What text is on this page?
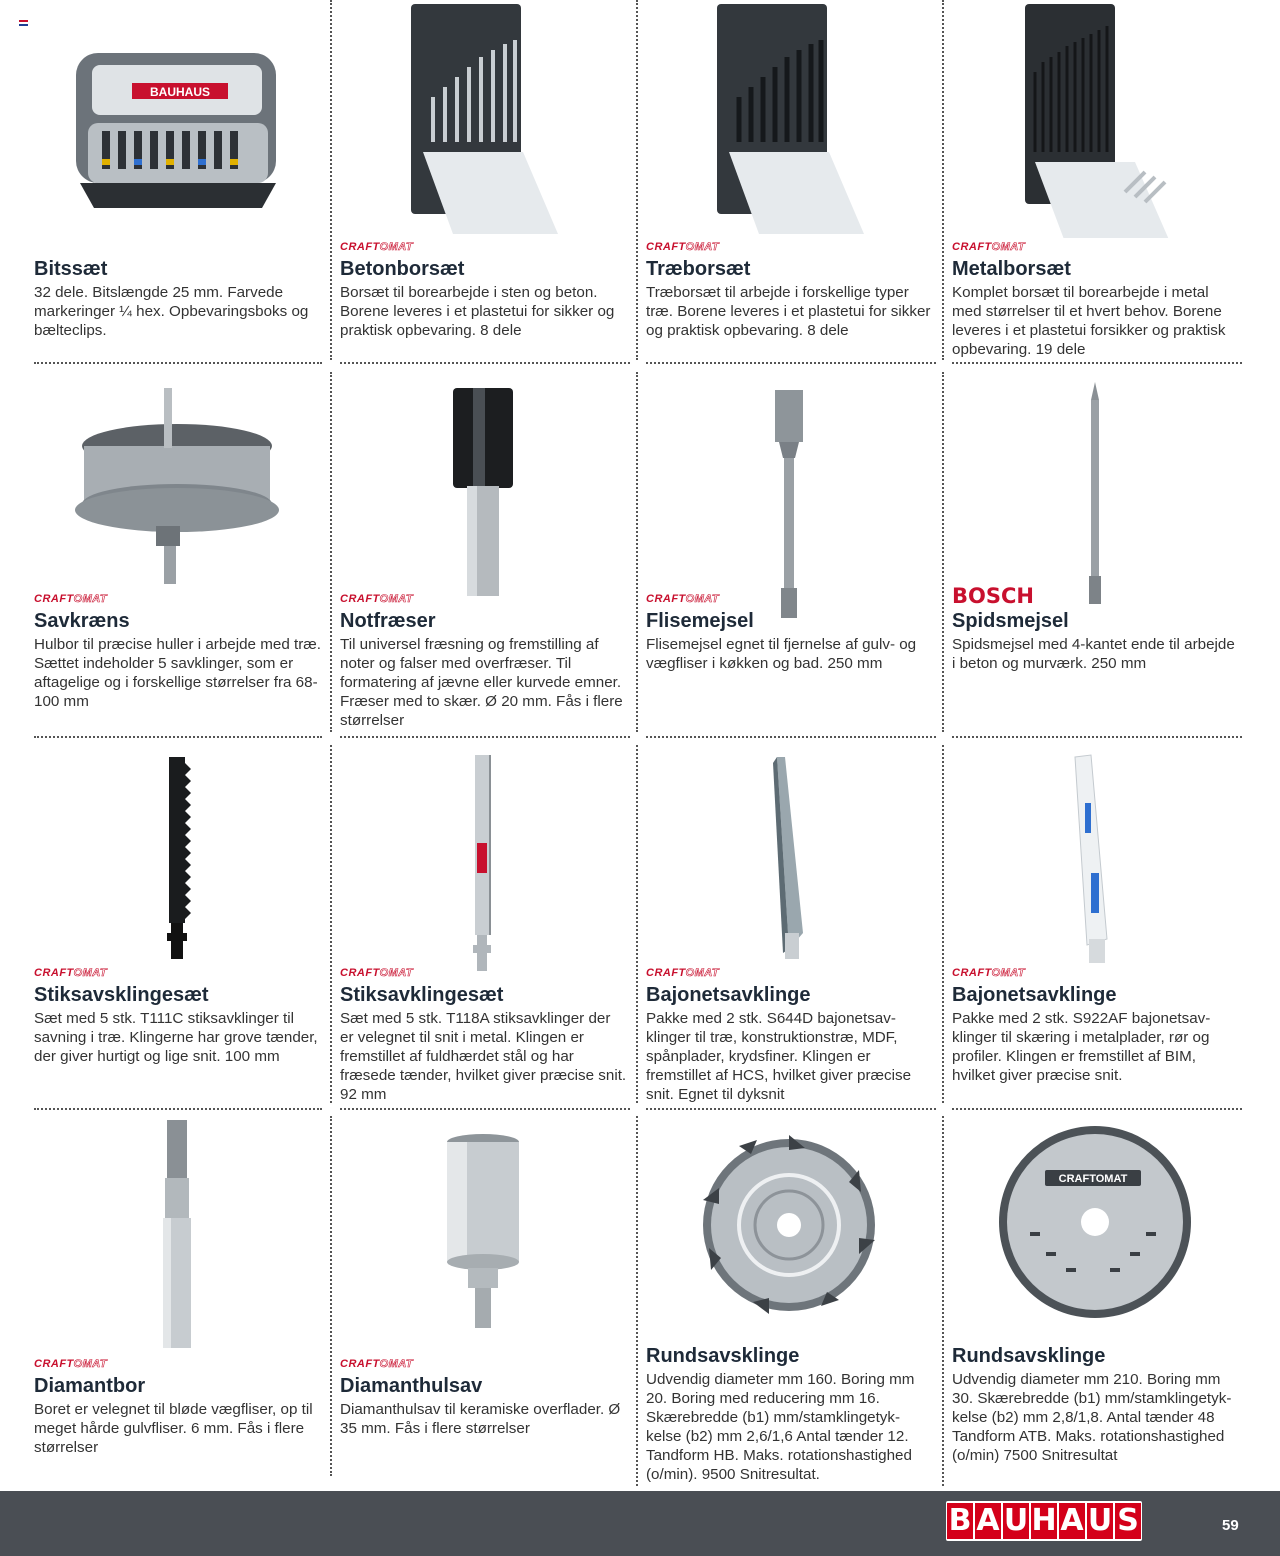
BAUHAUS
Bitssæt
32 dele. Bitslængde 25 mm. Farvede markeringer ¼ hex. Opbevaringsboks og bælteclips.
CRAFTOMAT
Betonborsæt
Borsæt til borearbejde i sten og beton. Borene leveres i et plastetui for sikker og praktisk opbevaring. 8 dele
CRAFTOMAT
Træborsæt
Træborsæt til arbejde i forskellige typer træ. Borene leveres i et plastetui for sikker og praktisk opbevaring. 8 dele
CRAFTOMAT
Metalborsæt
Komplet borsæt til borearbejde i metal med størrelser til et hvert behov. Borene leveres i et plastetui forsikker og praktisk opbevaring. 19 dele
CRAFTOMAT
Savkræns
Hulbor til præcise huller i arbejde med træ. Sættet indeholder 5 savklinger, som er aftagelige og i forskellige størrelser fra 68-100 mm
CRAFTOMAT
Notfræser
Til universel fræsning og fremstilling af noter og falser med overfræser. Til formatering af jævne eller kurvede emner. Fræser med to skær. Ø 20 mm. Fås i flere størrelser
CRAFTOMAT
Flisemejsel
Flisemejsel egnet til fjernelse af gulv- og vægfliser i køkken og bad. 250 mm
BOSCH
Spidsmejsel
Spidsmejsel med 4-kantet ende til arbejde i beton og murværk. 250 mm
CRAFTOMAT
Stiksavsklingesæt
Sæt med 5 stk. T111C stiksavklinger til savning i træ. Klingerne har grove tænder, der giver hurtigt og lige snit. 100 mm
CRAFTOMAT
Stiksavklingesæt
Sæt med 5 stk. T118A stiksavklinger der er velegnet til snit i metal. Klingen er fremstillet af fuldhærdet stål og har fræsede tænder, hvilket giver præcise snit. 92 mm
CRAFTOMAT
Bajonetsavklinge
Pakke med 2 stk. S644D bajonetsav-klinger til træ, konstruktionstræ, MDF, spånplader, krydsfiner. Klingen er fremstillet af HCS, hvilket giver præcise snit. Egnet til dyksnit
CRAFTOMAT
Bajonetsavklinge
Pakke med 2 stk. S922AF bajonetsav-klinger til skæring i metalplader, rør og profiler. Klingen er fremstillet af BIM, hvilket giver præcise snit.
CRAFTOMAT
Diamantbor
Boret er velegnet til bløde vægfliser, op til meget hårde gulvfliser. 6 mm. Fås i flere størrelser
CRAFTOMAT
Diamanthulsav
Diamanthulsav til keramiske overflader. Ø 35 mm. Fås i flere størrelser
Rundsavsklinge
Udvendig diameter mm 160. Boring mm 20. Boring med reducering mm 16. Skærebredde (b1) mm/stamklingetyk-kelse (b2) mm 2,6/1,6 Antal tænder 12. Tandform HB. Maks. rotationshastighed (o/min). 9500 Snitresultat.
CRAFTOMAT
Rundsavsklinge
Udvendig diameter mm 210. Boring mm 30. Skærebredde (b1) mm/stamklingetyk-kelse (b2) mm 2,8/1,8. Antal tænder 48 Tandform ATB. Maks. rotationshastighed (o/min) 7500 Snitresultat
B A U H A U S	59
